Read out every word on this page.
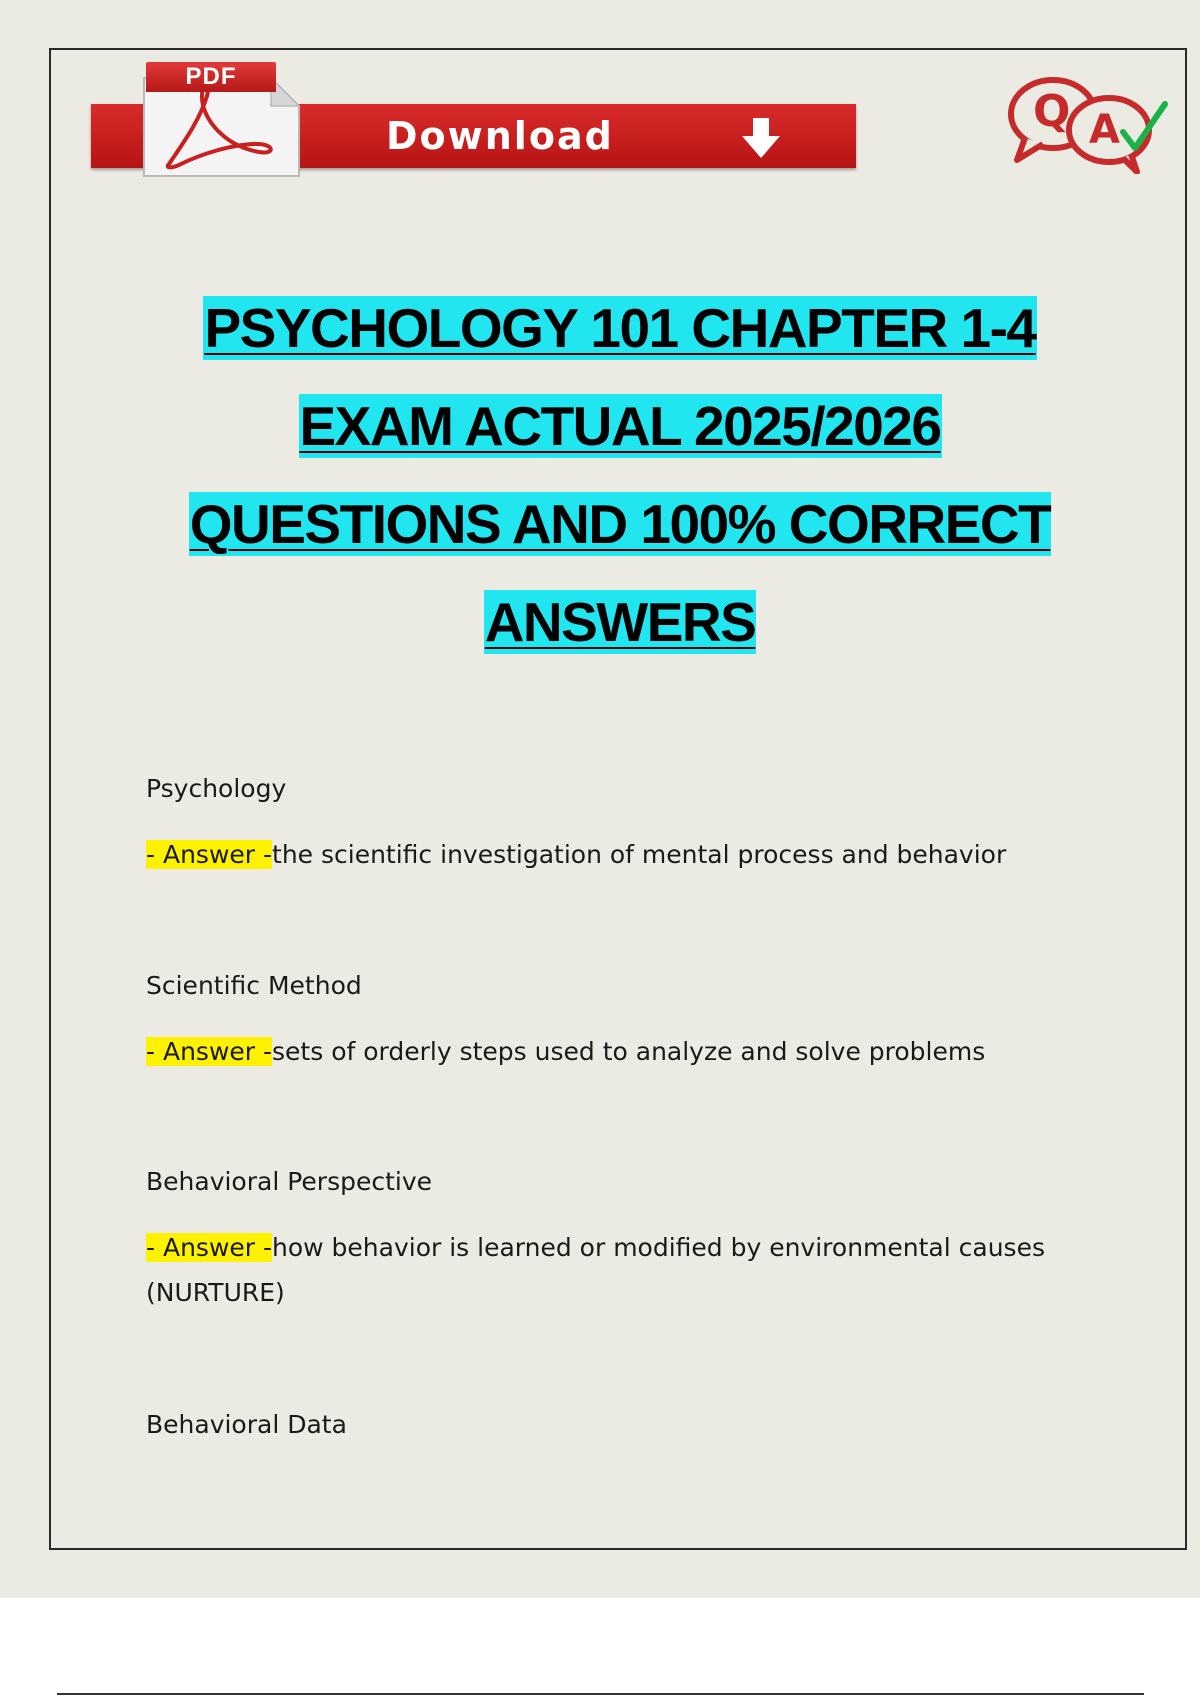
PDF
Download	Q A
PSYCHOLOGY 101 CHAPTER 1-4
EXAM ACTUAL 2025/2026
QUESTIONS AND 100% CORRECT
ANSWERS
Psychology
- Answer -the scientific investigation of mental process and behavior
Scientific Method
- Answer -sets of orderly steps used to analyze and solve problems
Behavioral Perspective
- Answer -how behavior is learned or modified by environmental causes (NURTURE)
Behavioral Data
